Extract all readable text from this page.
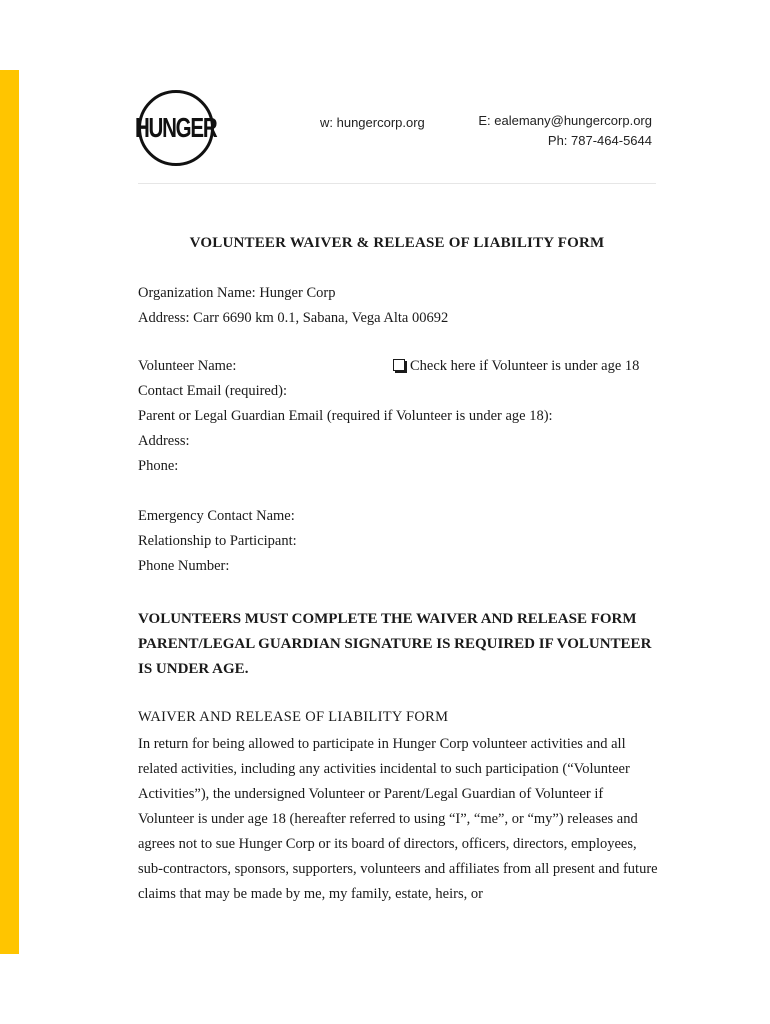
HUNGER	w: hungercorp.org	E: ealemany@hungercorp.org
Ph: 787-464-5644
VOLUNTEER WAIVER & RELEASE OF LIABILITY FORM
Organization Name: Hunger Corp
Address: Carr 6690 km 0.1, Sabana, Vega Alta 00692
Volunteer Name:	Check here if Volunteer is under age 18
Contact Email (required):
Parent or Legal Guardian Email (required if Volunteer is under age 18):
Address:
Phone:
Emergency Contact Name:
Relationship to Participant:
Phone Number:
VOLUNTEERS MUST COMPLETE THE WAIVER AND RELEASE FORM
PARENT/LEGAL GUARDIAN SIGNATURE IS REQUIRED IF VOLUNTEER
IS UNDER AGE.
WAIVER AND RELEASE OF LIABILITY FORM
In return for being allowed to participate in Hunger Corp volunteer activities and all related activities, including any activities incidental to such participation (“Volunteer Activities”), the undersigned Volunteer or Parent/Legal Guardian of Volunteer if Volunteer is under age 18 (hereafter referred to using “I”, “me”, or “my”) releases and agrees not to sue Hunger Corp or its board of directors, officers, directors, employees, sub-contractors, sponsors, supporters, volunteers and affiliates from all present and future claims that may be made by me, my family, estate, heirs, or
